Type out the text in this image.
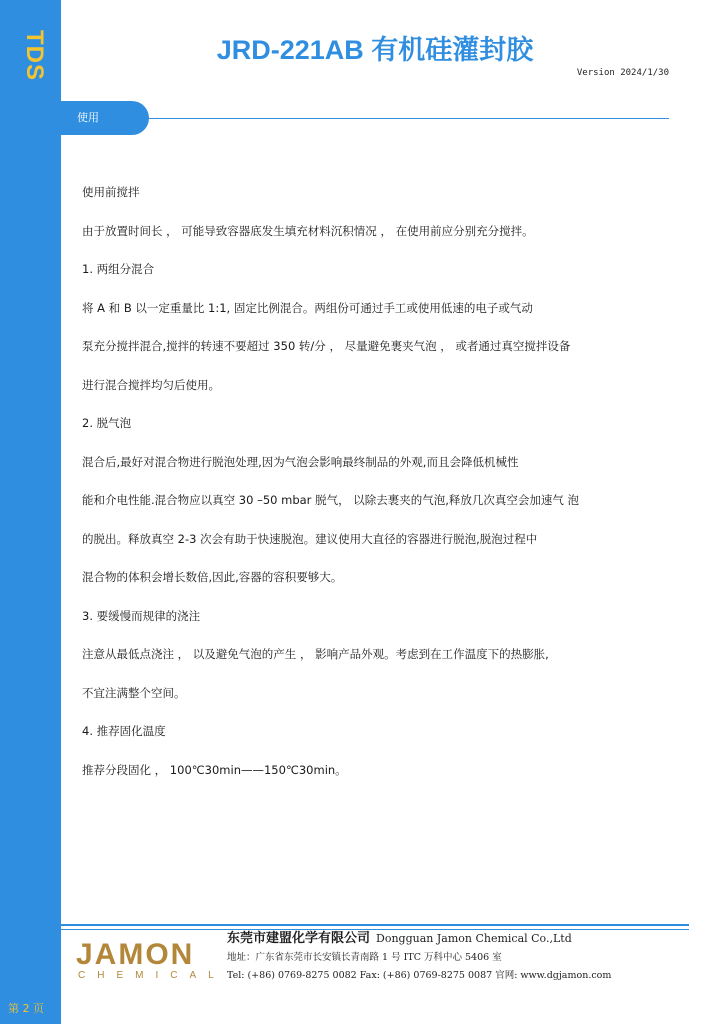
TDS
第 2 页
JRD-221AB 有机硅灌封胶
Version 2024/1/30
使用
使用前搅拌
由于放置时间长 ， 可能导致容器底发生填充材料沉积情况 ， 在使用前应分别充分搅拌。
1. 两组分混合
将 A 和 B 以一定重量比 1:1, 固定比例混合。两组份可通过手工或使用低速的电子或气动
泵充分搅拌混合,搅拌的转速不要超过 350 转/分 ， 尽量避免裹夹气泡 ， 或者通过真空搅拌设备
进行混合搅拌均匀后使用。
2. 脱气泡
混合后,最好对混合物进行脱泡处理,因为气泡会影响最终制品的外观,而且会降低机械性
能和介电性能.混合物应以真空 30 –50 mbar 脱气， 以除去裹夹的气泡,释放几次真空会加速气 泡
的脱出。释放真空 2-3 次会有助于快速脱泡。建议使用大直径的容器进行脱泡,脱泡过程中
混合物的体积会增长数倍,因此,容器的容积要够大。
3. 要缓慢而规律的浇注
注意从最低点浇注 ， 以及避免气泡的产生 ， 影响产品外观。考虑到在工作温度下的热膨胀,
不宜注满整个空间。
4. 推荐固化温度
推荐分段固化 ， 100℃30min——150℃30min。
JAMON
CHEMICAL
东莞市建盟化学有限公司 Dongguan Jamon Chemical Co.,Ltd
地址：广东省东莞市长安镇长青南路 1 号 ITC 万科中心 5406 室
Tel: (+86) 0769-8275 0082 Fax: (+86) 0769-8275 0087 官网: www.dgjamon.com
